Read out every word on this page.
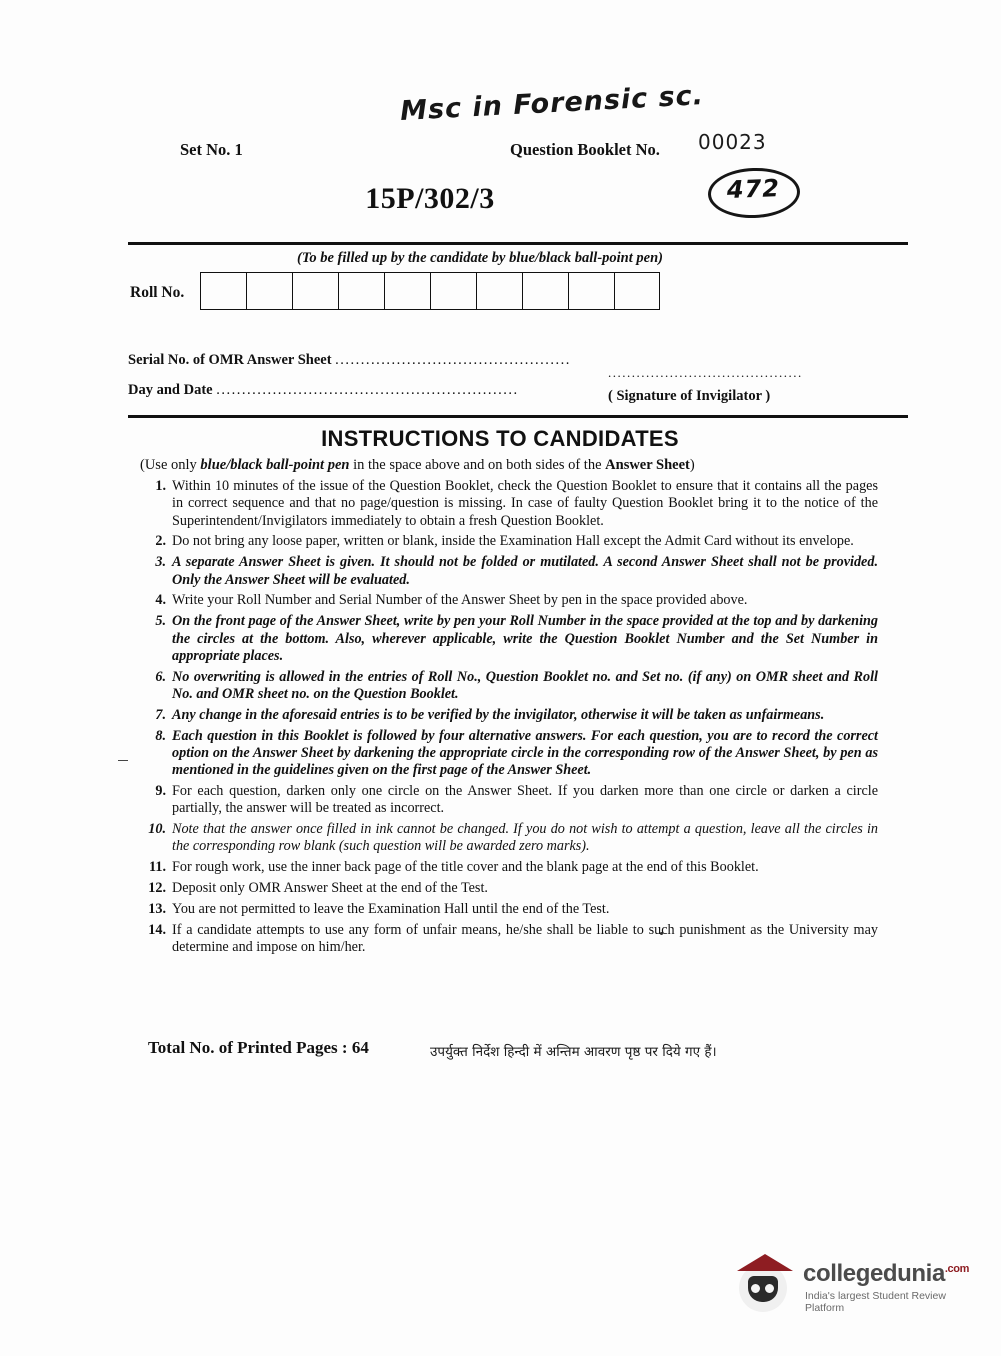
Msc in Forensic sc.
Set No. 1	Question Booklet No. 00023
472
15P/302/3
(To be filled up by the candidate by blue/black ball-point pen)
Roll No.
Serial No. of OMR Answer Sheet ..............................................
Day and Date ...........................................................
.........................................
( Signature of Invigilator )
INSTRUCTIONS TO CANDIDATES
(Use only blue/black ball-point pen in the space above and on both sides of the Answer Sheet)
1. Within 10 minutes of the issue of the Question Booklet, check the Question Booklet to ensure that it contains all the pages in correct sequence and that no page/question is missing. In case of faulty Question Booklet bring it to the notice of the Superintendent/Invigilators immediately to obtain a fresh Question Booklet.
2. Do not bring any loose paper, written or blank, inside the Examination Hall except the Admit Card without its envelope.
3. A separate Answer Sheet is given. It should not be folded or mutilated. A second Answer Sheet shall not be provided. Only the Answer Sheet will be evaluated.
4. Write your Roll Number and Serial Number of the Answer Sheet by pen in the space provided above.
5. On the front page of the Answer Sheet, write by pen your Roll Number in the space provided at the top and by darkening the circles at the bottom. Also, wherever applicable, write the Question Booklet Number and the Set Number in appropriate places.
6. No overwriting is allowed in the entries of Roll No., Question Booklet no. and Set no. (if any) on OMR sheet and Roll No. and OMR sheet no. on the Question Booklet.
7. Any change in the aforesaid entries is to be verified by the invigilator, otherwise it will be taken as unfairmeans.
8. Each question in this Booklet is followed by four alternative answers. For each question, you are to record the correct option on the Answer Sheet by darkening the appropriate circle in the corresponding row of the Answer Sheet, by pen as mentioned in the guidelines given on the first page of the Answer Sheet.
9. For each question, darken only one circle on the Answer Sheet. If you darken more than one circle or darken a circle partially, the answer will be treated as incorrect.
10. Note that the answer once filled in ink cannot be changed. If you do not wish to attempt a question, leave all the circles in the corresponding row blank (such question will be awarded zero marks).
11. For rough work, use the inner back page of the title cover and the blank page at the end of this Booklet.
12. Deposit only OMR Answer Sheet at the end of the Test.
13. You are not permitted to leave the Examination Hall until the end of the Test.
14. If a candidate attempts to use any form of unfair means, he/she shall be liable to such punishment as the University may determine and impose on him/her.
Total No. of Printed Pages : 64	उपर्युक्त निर्देश हिन्दी में अन्तिम आवरण पृष्ठ पर दिये गए हैं।
collegedunia$^{.com}$
India's largest Student Review Platform
